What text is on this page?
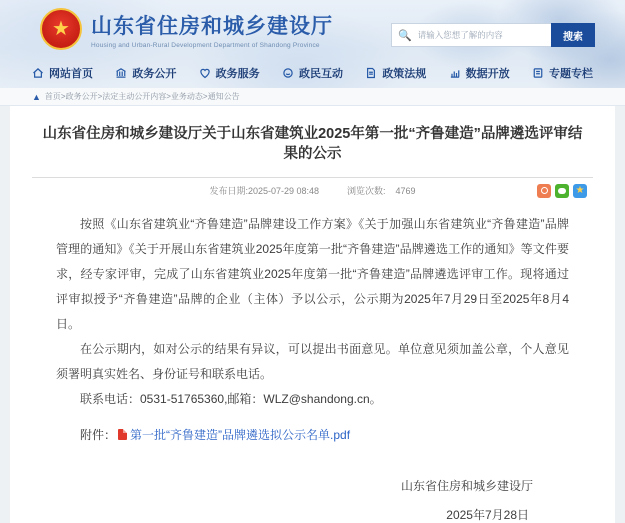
★	山东省住房和城乡建设厅
Housing and Urban-Rural Development Department of Shandong Province
🔍
请输入您想了解的内容	搜索
网站首页	政务公开	政务服务	政民互动	政策法规	数据开放	专题专栏
▲ 首页>政务公开>法定主动公开内容>业务动态>通知公告
山东省住房和城乡建设厅关于山东省建筑业2025年第一批“齐鲁建造”品牌遴选评审结果的公示
发布日期:2025-07-29 08:48	浏览次数: 4769	★

按照《山东省建筑业“齐鲁建造”品牌建设工作方案》《关于加强山东省建筑业“齐鲁建造”品牌管理的通知》《关于开展山东省建筑业2025年度第一批“齐鲁建造”品牌遴选工作的通知》等文件要求，经专家评审，完成了山东省建筑业2025年度第一批“齐鲁建造”品牌遴选评审工作。现将通过评审拟授予“齐鲁建造”品牌的企业（主体）予以公示，公示期为2025年7月29日至2025年8月4日。

在公示期内，如对公示的结果有异议，可以提出书面意见。单位意见须加盖公章，个人意见须署明真实姓名、身份证号和联系电话。

联系电话：0531-51765360,邮箱：WLZ@shandong.cn。

附件： 第一批“齐鲁建造”品牌遴选拟公示名单.pdf
山东省住房和城乡建设厅
2025年7月28日
